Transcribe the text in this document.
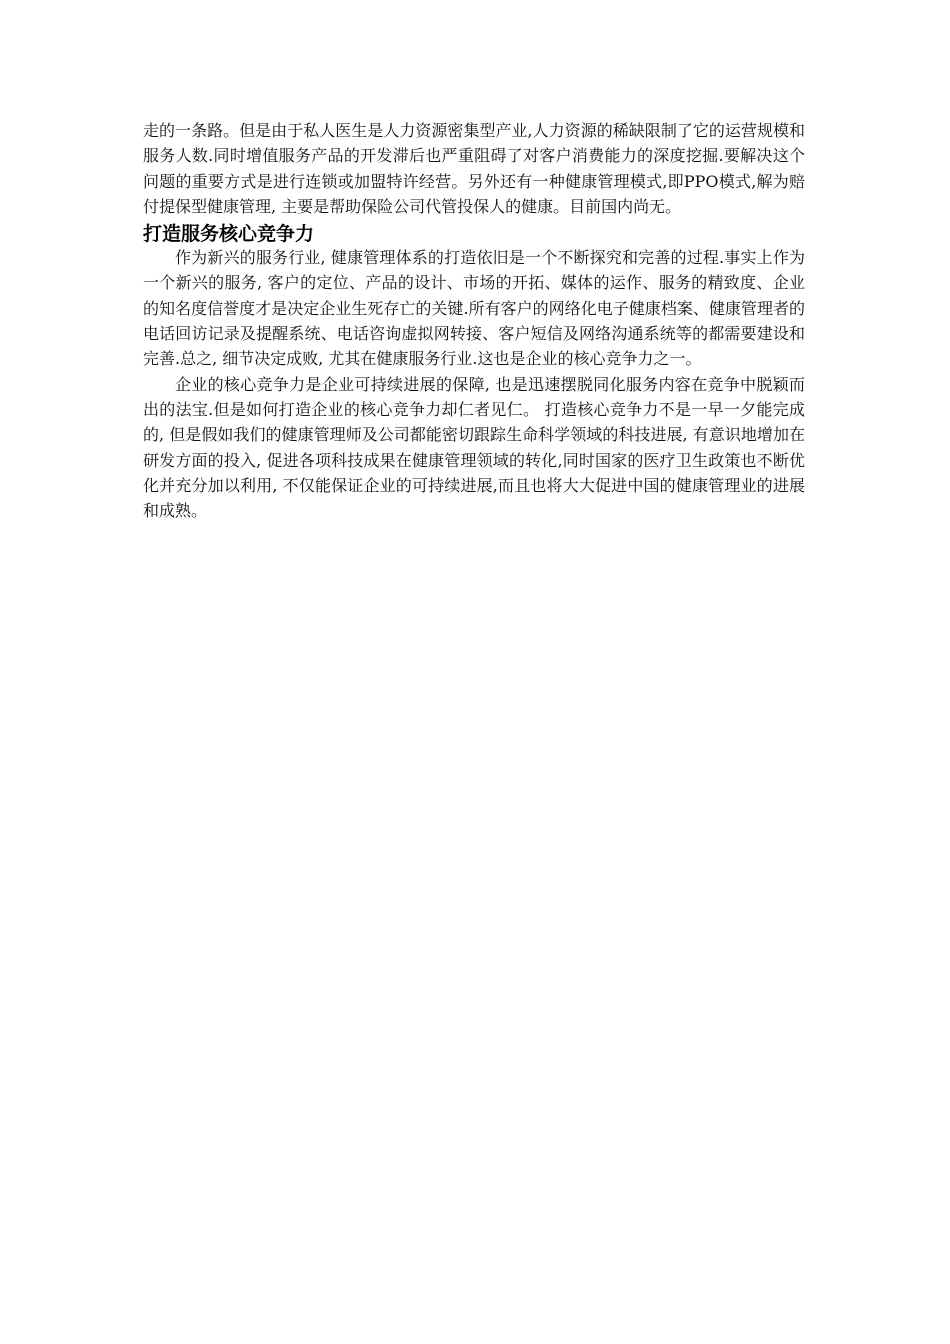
走的一条路。但是由于私人医生是人力资源密集型产业,人力资源的稀缺限制了它的运营规模和服务人数.同时增值服务产品的开发滞后也严重阻碍了对客户消费能力的深度挖掘.要解决这个问题的重要方式是进行连锁或加盟特许经营。另外还有一种健康管理模式,即PPO模式,解为赔付提保型健康管理, 主要是帮助保险公司代管投保人的健康。目前国内尚无。

打造服务核心竞争力

作为新兴的服务行业, 健康管理体系的打造依旧是一个不断探究和完善的过程.事实上作为一个新兴的服务, 客户的定位、产品的设计、市场的开拓、媒体的运作、服务的精致度、企业的知名度信誉度才是决定企业生死存亡的关键.所有客户的网络化电子健康档案、健康管理者的电话回访记录及提醒系统、电话咨询虚拟网转接、客户短信及网络沟通系统等的都需要建设和完善.总之, 细节决定成败, 尤其在健康服务行业.这也是企业的核心竞争力之一。

企业的核心竞争力是企业可持续进展的保障, 也是迅速摆脱同化服务内容在竞争中脱颖而出的法宝.但是如何打造企业的核心竞争力却仁者见仁。 打造核心竞争力不是一早一夕能完成的, 但是假如我们的健康管理师及公司都能密切跟踪生命科学领域的科技进展, 有意识地增加在研发方面的投入, 促进各项科技成果在健康管理领域的转化,同时国家的医疗卫生政策也不断优化并充分加以利用, 不仅能保证企业的可持续进展,而且也将大大促进中国的健康管理业的进展和成熟。
